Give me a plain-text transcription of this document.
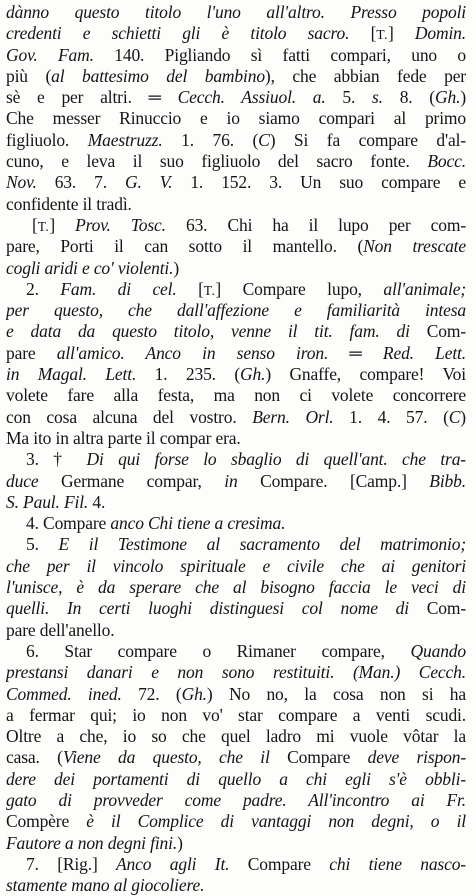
dànno questo titolo l'uno all'altro. Presso popoli
credenti e schietti gli è titolo sacro. [T.] Domin.
Gov. Fam. 140. Pigliando sì fatti compari, uno o
più (al battesimo del bambino), che abbian fede per
sè e per altri. ═ Cecch. Assiuol. a. 5. s. 8. (Gh.)
Che messer Rinuccio e io siamo compari al primo
figliuolo. Maestruzz. 1. 76. (C) Si fa compare d'al-
cuno, e leva il suo figliuolo del sacro fonte. Bocc.
Nov. 63. 7. G. V. 1. 152. 3. Un suo compare e
confidente il tradì.
[T.] Prov. Tosc. 63. Chi ha il lupo per com-
pare, Porti il can sotto il mantello. (Non trescate
cogli aridi e co' violenti.)
2. Fam. di cel. [T.] Compare lupo, all'animale;
per questo, che dall'affezione e familiarità intesa
e data da questo titolo, venne il tit. fam. di Com-
pare all'amico. Anco in senso iron. ═ Red. Lett.
in Magal. Lett. 1. 235. (Gh.) Gnaffe, compare! Voi
volete fare alla festa, ma non ci volete concorrere
con cosa alcuna del vostro. Bern. Orl. 1. 4. 57. (C)
Ma ito in altra parte il compar era.
3. † Di qui forse lo sbaglio di quell'ant. che tra-
duce Germane compar, in Compare. [Camp.] Bibb.
S. Paul. Fil. 4.
4. Compare anco Chi tiene a cresima.
5. E il Testimone al sacramento del matrimonio;
che per il vincolo spirituale e civile che ai genitori
l'unisce, è da sperare che al bisogno faccia le veci di
quelli. In certi luoghi distinguesi col nome di Com-
pare dell'anello.
6. Star compare o Rimaner compare, Quando
prestansi danari e non sono restituiti. (Man.) Cecch.
Commed. ined. 72. (Gh.) No no, la cosa non si ha
a fermar qui; io non vo' star compare a venti scudi.
Oltre a che, io so che quel ladro mi vuole vôtar la
casa. (Viene da questo, che il Compare deve rispon-
dere dei portamenti di quello a chi egli s'è obbli-
gato di provveder come padre. All'incontro ai Fr.
Compère è il Complice di vantaggi non degni, o il
Fautore a non degni fini.)
7. [Rig.] Anco agli It. Compare chi tiene nasco-
stamente mano al giocoliere.
